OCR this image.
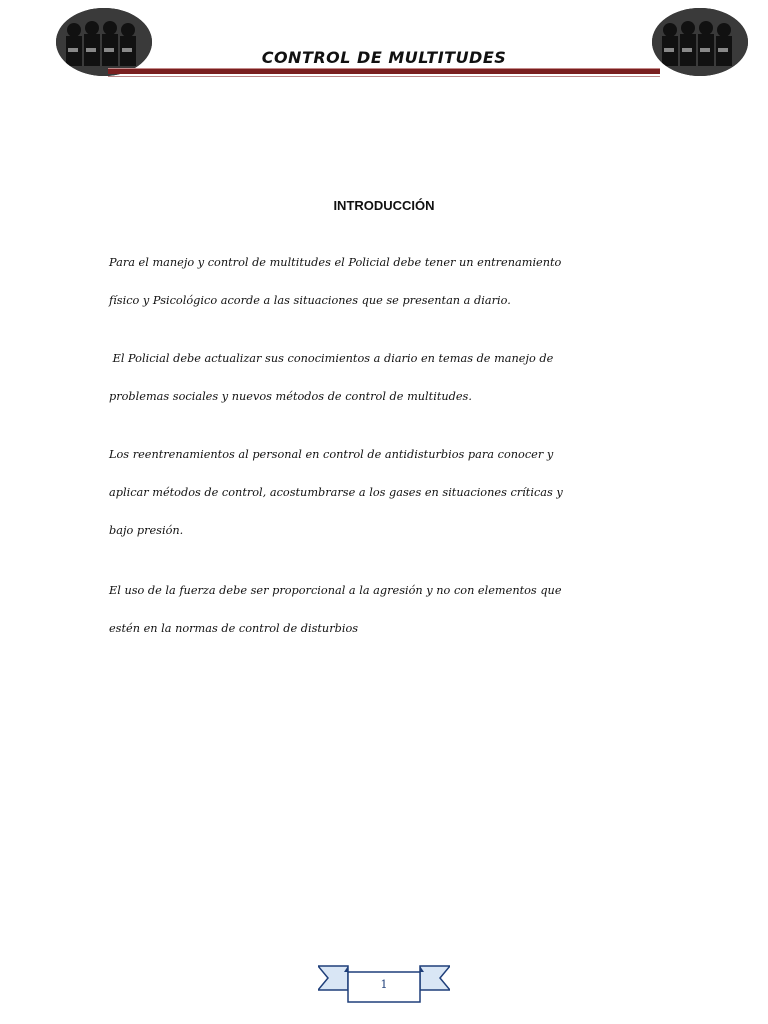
CONTROL DE MULTITUDES
INTRODUCCIÓN

Para el manejo y control de multitudes el Policial debe tener un entrenamiento
físico y Psicológico acorde a las situaciones que se presentan a diario.

El Policial debe actualizar sus conocimientos a diario en temas de manejo de
problemas sociales y nuevos métodos de control de multitudes.

Los reentrenamientos al personal en control de antidisturbios para conocer y
aplicar métodos de control, acostumbrarse a los gases en situaciones críticas y
bajo presión.

El uso de la fuerza debe ser proporcional a la agresión y no con elementos que
estén en la normas de control de disturbios

1
